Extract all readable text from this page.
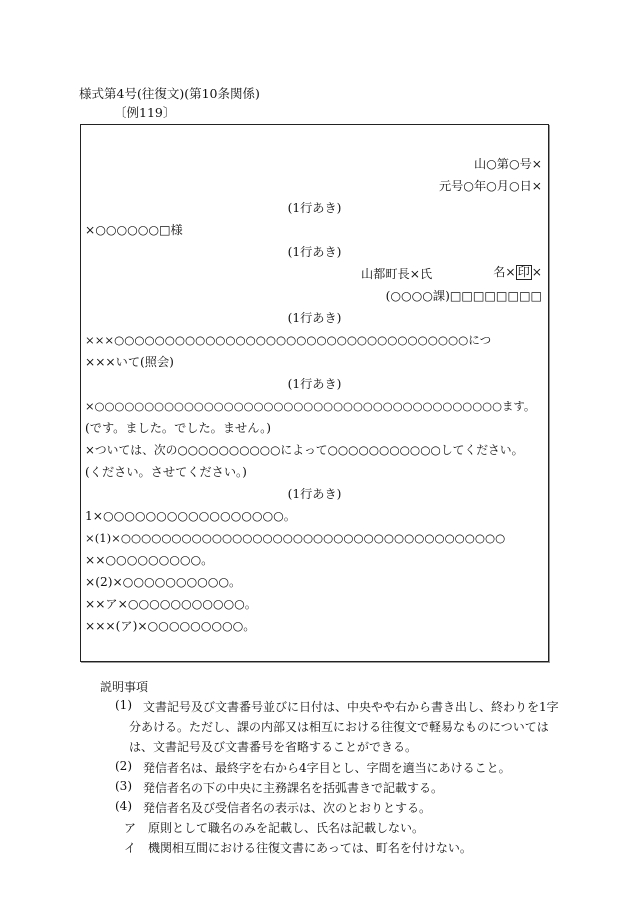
様式第4号(往復文)(第10条関係)
〔例119〕
山○第○号×
元号○年○月○日×
(1行あき)
×○○○○○○□様
(1行あき)
山都町長×氏	名× 印 ×
(○○○○課)□□□□□□□□
(1行あき)
×××○○○○○○○○○○○○○○○○○○○○○○○○○○○○○○○○○○○につ
×××いて(照会)
(1行あき)
×○○○○○○○○○○○○○○○○○○○○○○○○○○○○○○○○○○○○○○○○○ます。
(です。ました。でした。ません。)
×ついては、次の○○○○○○○○○○によって○○○○○○○○○○○してください。
(ください。させてください。)
(1行あき)
1×○○○○○○○○○○○○○○○○○。
×(1)×○○○○○○○○○○○○○○○○○○○○○○○○○○○○○○○○○○○○○○
××○○○○○○○○○。
×(2)×○○○○○○○○○○。
××ア×○○○○○○○○○○○。
×××(ア)×○○○○○○○○○。
説明事項
(1) 文書記号及び文書番号並びに日付は、中央やや右から書き出し、終わりを1字
分あける。ただし、課の内部又は相互における往復文で軽易なものについては
は、文書記号及び文書番号を省略することができる。
(2) 発信者名は、最終字を右から4字目とし、字間を適当にあけること。
(3) 発信者名の下の中央に主務課名を括弧書きで記載する。
(4) 発信者名及び受信者名の表示は、次のとおりとする。
ア 原則として職名のみを記載し、氏名は記載しない。
イ 機関相互間における往復文書にあっては、町名を付けない。
